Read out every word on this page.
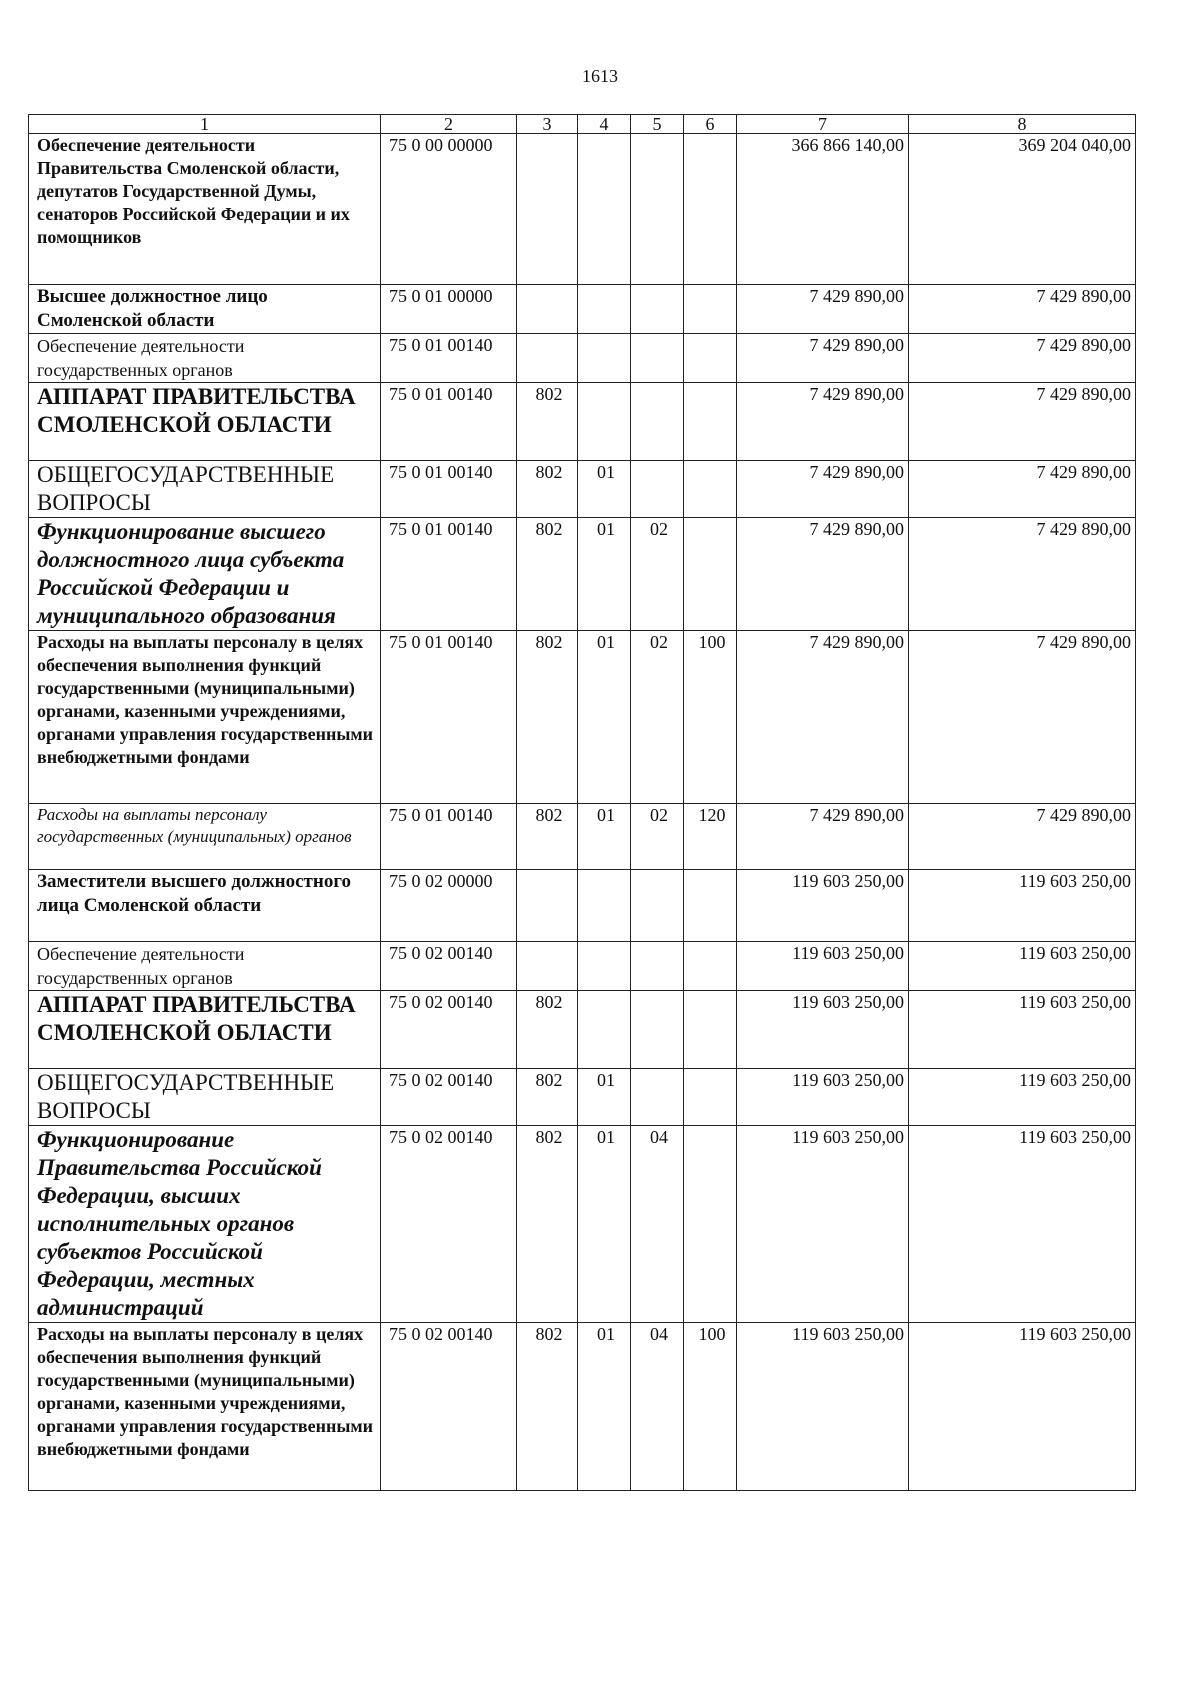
1613
1	2	3	4	5	6	7	8
Обеспечение деятельности Правительства Смоленской области, депутатов Государственной Думы, сенаторов Российской Федерации и их помощников	75 0 00 00000					366 866 140,00	369 204 040,00
Высшее должностное лицо Смоленской области	75 0 01 00000					7 429 890,00	7 429 890,00
Обеспечение деятельности государственных органов	75 0 01 00140					7 429 890,00	7 429 890,00
АППАРАТ ПРАВИТЕЛЬСТВА СМОЛЕНСКОЙ ОБЛАСТИ	75 0 01 00140	802				7 429 890,00	7 429 890,00
ОБЩЕГОСУДАРСТВЕННЫЕ ВОПРОСЫ	75 0 01 00140	802	01			7 429 890,00	7 429 890,00
Функционирование высшего должностного лица субъекта Российской Федерации и муниципального образования	75 0 01 00140	802	01	02		7 429 890,00	7 429 890,00
Расходы на выплаты персоналу в целях обеспечения выполнения функций государственными (муниципальными) органами, казенными учреждениями, органами управления государственными внебюджетными фондами	75 0 01 00140	802	01	02	100	7 429 890,00	7 429 890,00
Расходы на выплаты персоналу государственных (муниципальных) органов	75 0 01 00140	802	01	02	120	7 429 890,00	7 429 890,00
Заместители высшего должностного лица Смоленской области	75 0 02 00000					119 603 250,00	119 603 250,00
Обеспечение деятельности государственных органов	75 0 02 00140					119 603 250,00	119 603 250,00
АППАРАТ ПРАВИТЕЛЬСТВА СМОЛЕНСКОЙ ОБЛАСТИ	75 0 02 00140	802				119 603 250,00	119 603 250,00
ОБЩЕГОСУДАРСТВЕННЫЕ ВОПРОСЫ	75 0 02 00140	802	01			119 603 250,00	119 603 250,00
Функционирование Правительства Российской Федерации, высших исполнительных органов субъектов Российской Федерации, местных администраций	75 0 02 00140	802	01	04		119 603 250,00	119 603 250,00
Расходы на выплаты персоналу в целях обеспечения выполнения функций государственными (муниципальными) органами, казенными учреждениями, органами управления государственными внебюджетными фондами	75 0 02 00140	802	01	04	100	119 603 250,00	119 603 250,00
